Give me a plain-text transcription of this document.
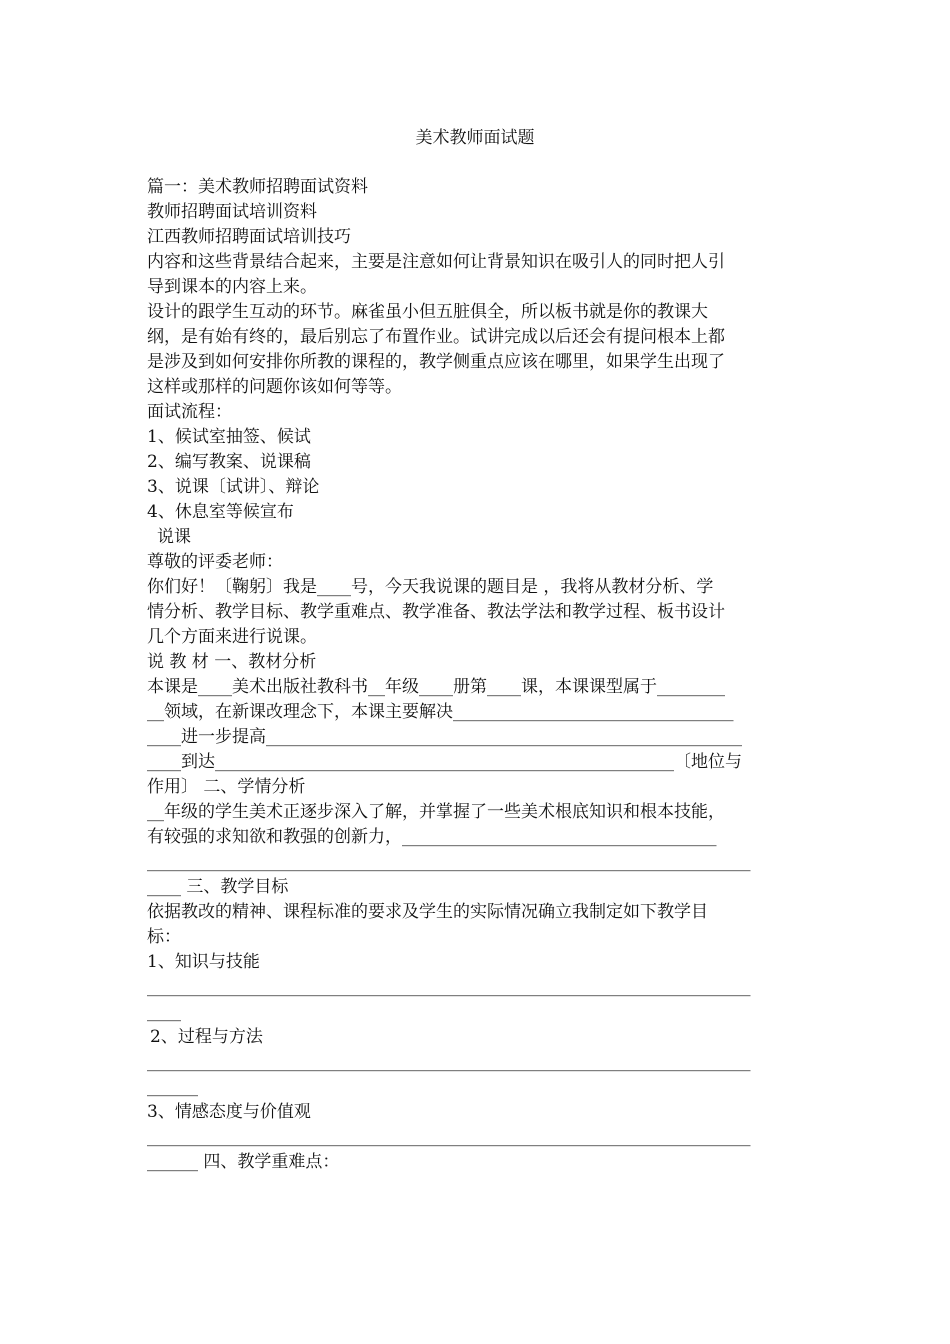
美术教师面试题

篇一：美术教师招聘面试资料

教师招聘面试培训资料

江西教师招聘面试培训技巧

内容和这些背景结合起来，主要是注意如何让背景知识在吸引人的同时把人引

导到课本的内容上来。

设计的跟学生互动的环节。麻雀虽小但五脏俱全，所以板书就是你的教课大

纲，是有始有终的，最后别忘了布置作业。试讲完成以后还会有提问根本上都

是涉及到如何安排你所教的课程的，教学侧重点应该在哪里，如果学生出现了

这样或那样的问题你该如何等等。

面试流程：

1、候试室抽签、候试

2、编写教案、说课稿

3、说课〔试讲〕、辩论

4、休息室等候宣布

说课

尊敬的评委老师：

你们好！〔鞠躬〕我是____号，今天我说课的题目是 ，我将从教材分析、学

情分析、教学目标、教学重难点、教学准备、教法学法和教学过程、板书设计

几个方面来进行说课。

说 教 材 一、教材分析

本课是____美术出版社教科书__年级____册第____课，本课课型属于________

__领域，在新课改理念下，本课主要解决_________________________________

____进一步提高________________________________________________________

____到达______________________________________________________〔地位与

作用〕 二、学情分析

__年级的学生美术正逐步深入了解，并掌握了一些美术根底知识和根本技能，

有较强的求知欲和教强的创新力，_____________________________________

_______________________________________________________________________

____ 三、教学目标

依据教改的精神、课程标准的要求及学生的实际情况确立我制定如下教学目

标：

1、知识与技能

_______________________________________________________________________

____

2、过程与方法

_______________________________________________________________________

______

3、情感态度与价值观

_______________________________________________________________________

______ 四、教学重难点：
